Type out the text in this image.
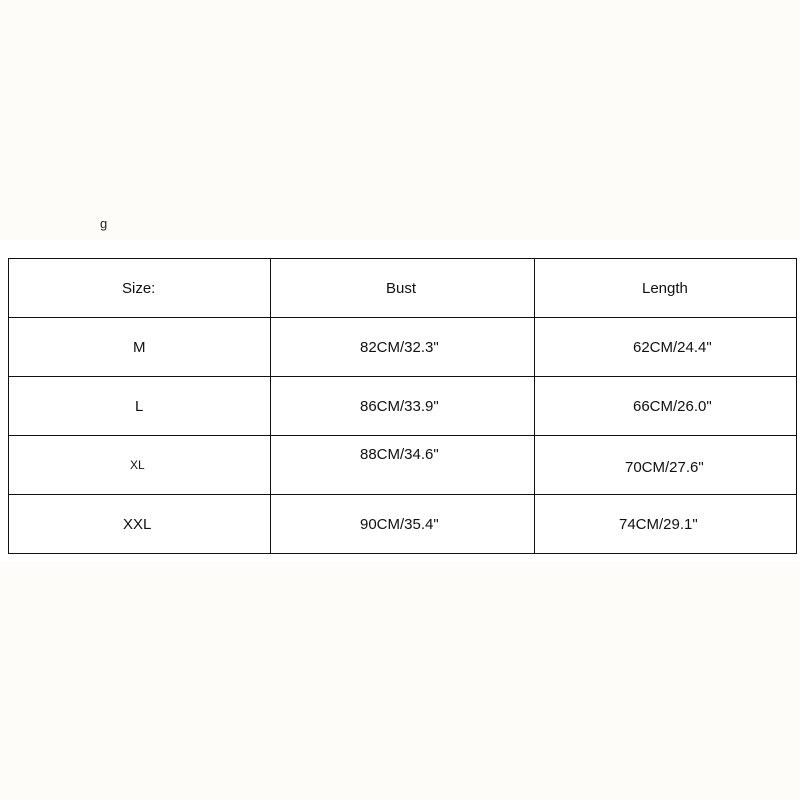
g
Size:	Bust	Length

M	82CM/32.3"	62CM/24.4"

L	86CM/33.9"	66CM/26.0"

XL	88CM/34.6"	70CM/27.6"

XXL	90CM/35.4"	74CM/29.1"
